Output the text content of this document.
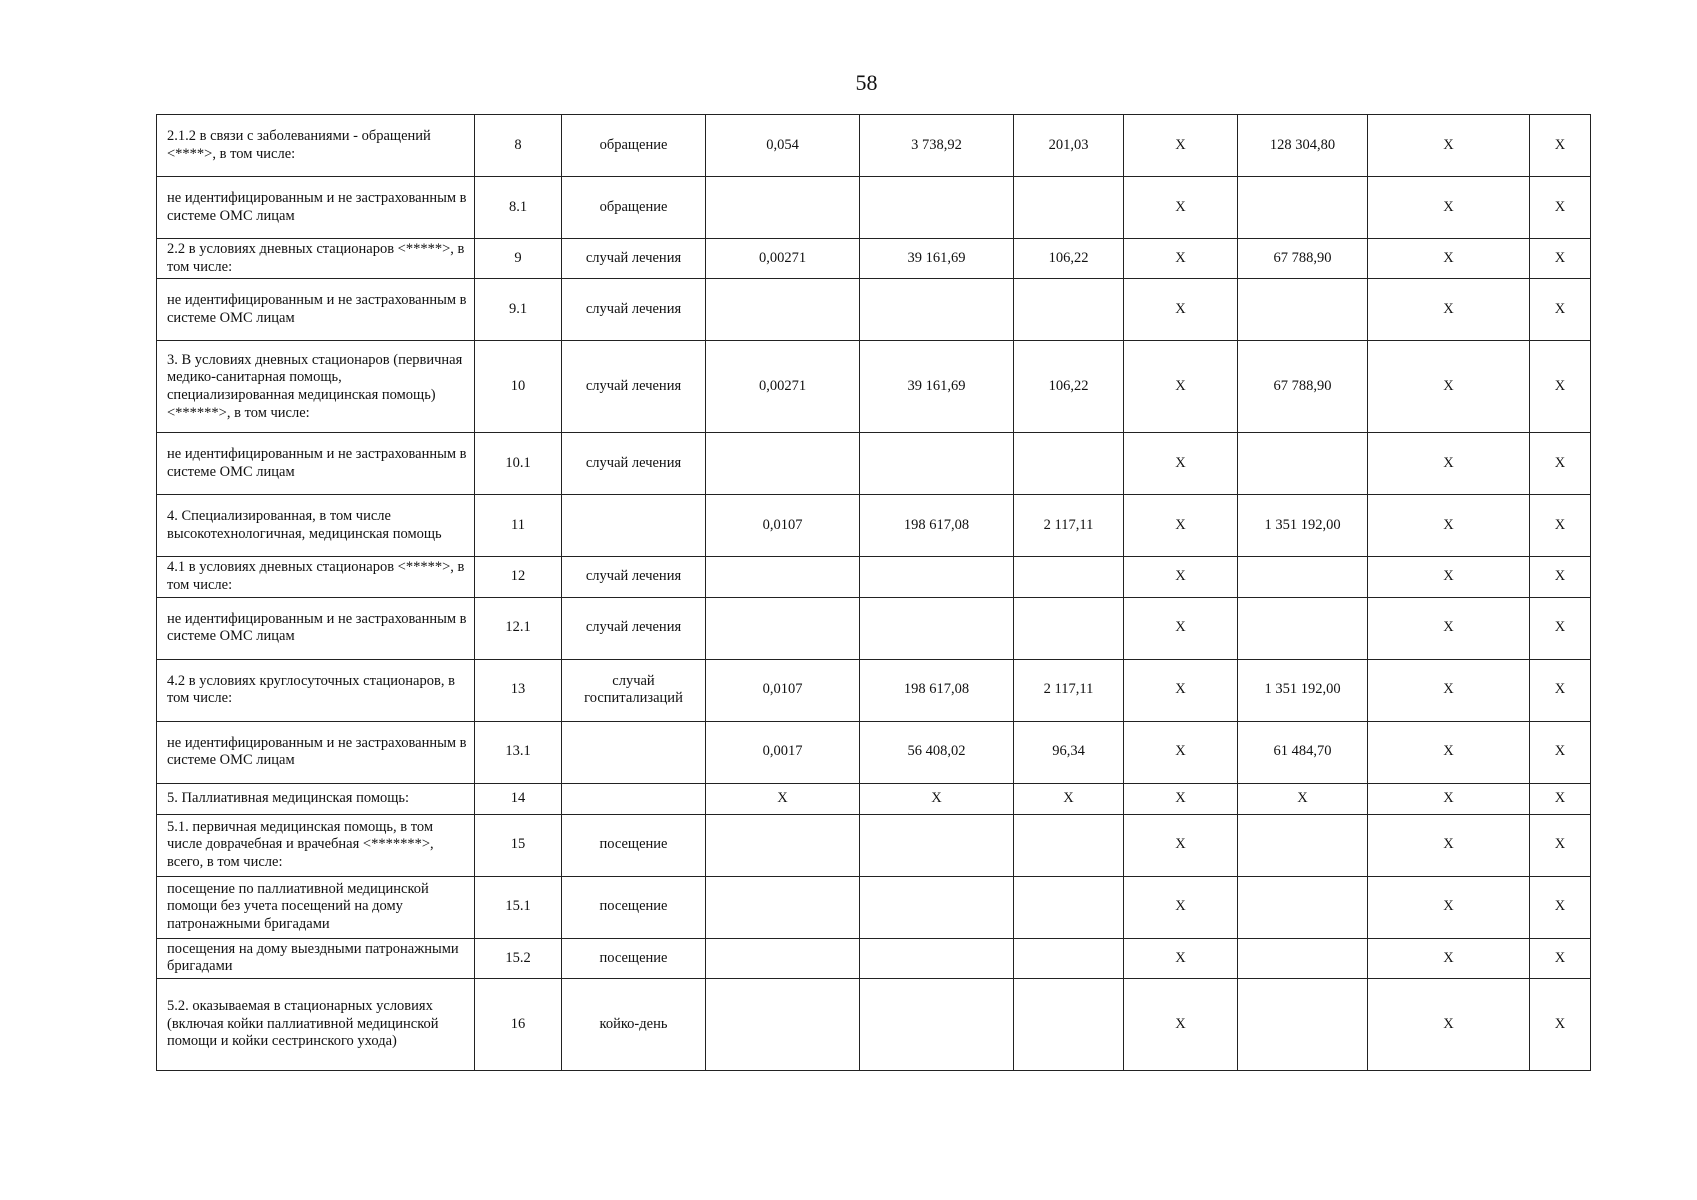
58
2.1.2 в связи с заболеваниями - обращений <****>, в том числе:	8	обращение	0,054	3 738,92	201,03	Х	128 304,80	Х	Х
не идентифицированным и не застрахованным в системе ОМС лицам	8.1	обращение				Х		Х	Х
2.2 в условиях дневных стационаров <*****>, в том числе:	9	случай лечения	0,00271	39 161,69	106,22	Х	67 788,90	Х	Х
не идентифицированным и не застрахованным в системе ОМС лицам	9.1	случай лечения				Х		Х	Х
3. В условиях дневных стационаров (первичная медико-санитарная помощь, специализированная медицинская помощь) <******>, в том числе:	10	случай лечения	0,00271	39 161,69	106,22	Х	67 788,90	Х	Х
не идентифицированным и не застрахованным в системе ОМС лицам	10.1	случай лечения				Х		Х	Х
4. Специализированная, в том числе высокотехнологичная, медицинская помощь	11		0,0107	198 617,08	2 117,11	Х	1 351 192,00	Х	Х
4.1 в условиях дневных стационаров <*****>, в том числе:	12	случай лечения				Х		Х	Х
не идентифицированным и не застрахованным в системе ОМС лицам	12.1	случай лечения				Х		Х	Х
4.2 в условиях круглосуточных стационаров, в том числе:	13	случай госпитализаций	0,0107	198 617,08	2 117,11	Х	1 351 192,00	Х	Х
не идентифицированным и не застрахованным в системе ОМС лицам	13.1		0,0017	56 408,02	96,34	Х	61 484,70	Х	Х
5. Паллиативная медицинская помощь:	14		Х	Х	Х	Х	Х	Х	Х
5.1. первичная медицинская помощь, в том числе доврачебная и врачебная <*******>, всего, в том числе:	15	посещение				Х		Х	Х
посещение по паллиативной медицинской помощи без учета посещений на дому патронажными бригадами	15.1	посещение				Х		Х	Х
посещения на дому выездными патронажными бригадами	15.2	посещение				Х		Х	Х
5.2. оказываемая в стационарных условиях (включая койки паллиативной медицинской помощи и койки сестринского ухода)	16	койко-день				Х		Х	Х
